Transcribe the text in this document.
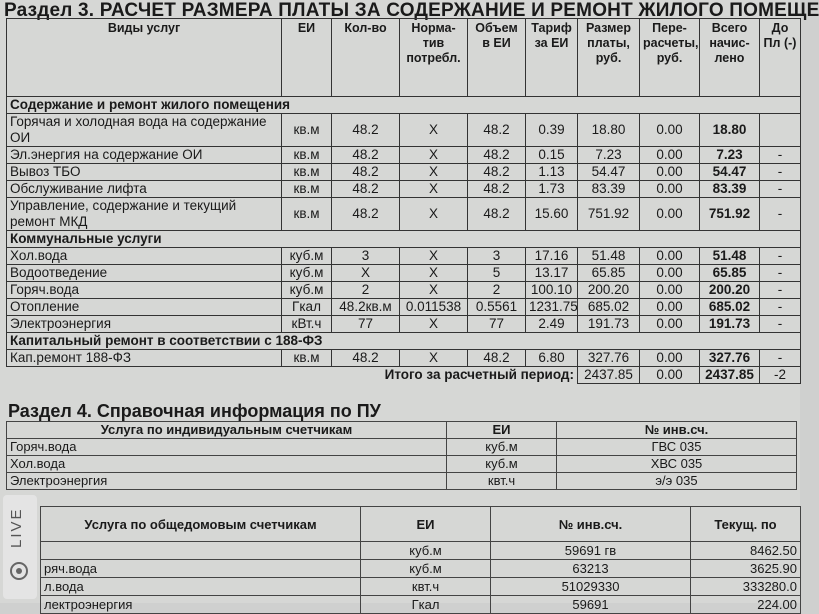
Раздел 3. РАСЧЕТ РАЗМЕРА ПЛАТЫ ЗА СОДЕРЖАНИЕ И РЕМОНТ ЖИЛОГО ПОМЕЩЕ
Виды услуг	ЕИ	Кол-во	Норма-тив потребл.	Объем в ЕИ	Тариф за ЕИ	Размер платы, руб.	Пере-расчеты, руб.	Всего начис-лено	До Пл (-)
Содержание и ремонт жилого помещения									
Горячая и холодная вода на содержание ОИ	кв.м	48.2	X	48.2	0.39	18.80	0.00	18.80	
Эл.энергия на содержание ОИ	кв.м	48.2	X	48.2	0.15	7.23	0.00	7.23	-
Вывоз ТБО	кв.м	48.2	X	48.2	1.13	54.47	0.00	54.47	-
Обслуживание лифта	кв.м	48.2	X	48.2	1.73	83.39	0.00	83.39	-
Управление, содержание и текущий ремонт МКД	кв.м	48.2	X	48.2	15.60	751.92	0.00	751.92	-
Коммунальные услуги									
Хол.вода	куб.м	3	X	3	17.16	51.48	0.00	51.48	-
Водоотведение	куб.м	X	X	5	13.17	65.85	0.00	65.85	-
Горяч.вода	куб.м	2	X	2	100.10	200.20	0.00	200.20	-
Отопление	Гкал	48.2кв.м	0.011538	0.5561	1231.75	685.02	0.00	685.02	-
Электроэнергия	кВт.ч	77	X	77	2.49	191.73	0.00	191.73	-
Капитальный ремонт в соответствии с 188-ФЗ									
Кап.ремонт 188-ФЗ	кв.м	48.2	X	48.2	6.80	327.76	0.00	327.76	-
Итого за расчетный период:						2437.85	0.00	2437.85	-2
Раздел 4. Справочная информация по ПУ
Услуга по индивидуальным счетчикам	ЕИ	№ инв.сч.
Горяч.вода	куб.м	ГВС 035
Хол.вода	куб.м	ХВС 035
Электроэнергия	квт.ч	э/э 035
Услуга по общедомовым счетчикам	ЕИ	№ инв.сч.	Текущ. по
	куб.м	59691 гв	8462.50
ряч.вода	куб.м	63213	3625.90
л.вода	квт.ч	51029330	333280.0
лектроэнергия	Гкал	59691	224.00
LIVE
